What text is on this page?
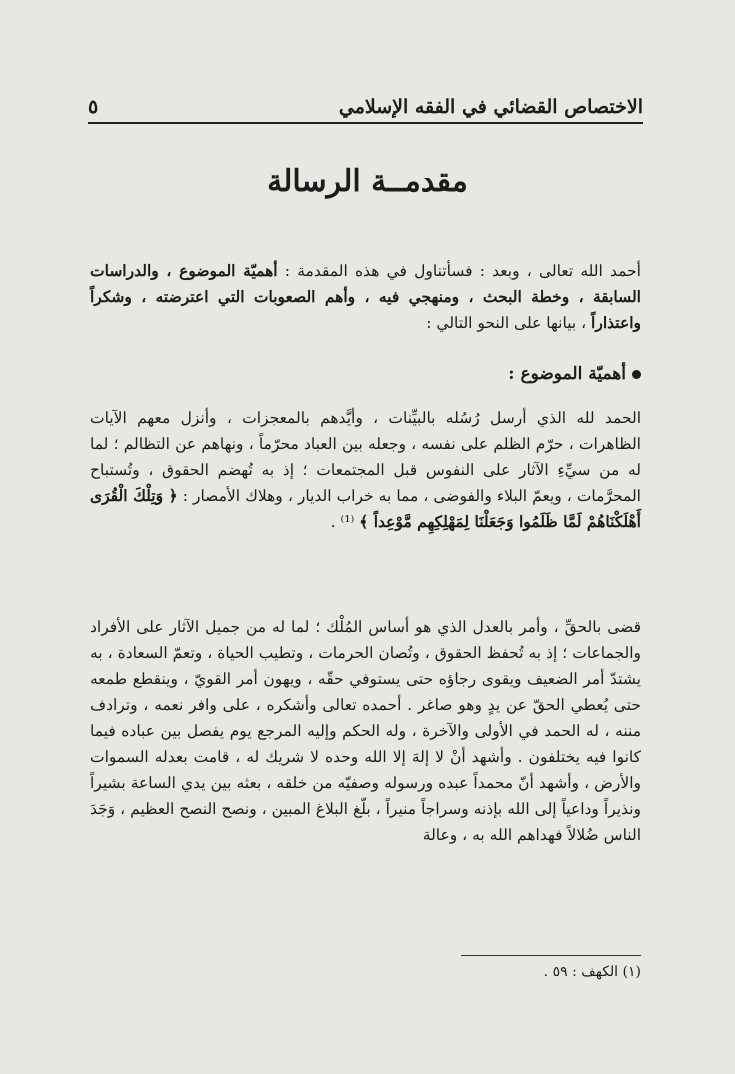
الاختصاص القضائي في الفقه الإسلامي
٥
مقدمــة الرسالة
أحمد الله تعالى ، وبعد : فسأتناول في هذه المقدمة : أهميّة الموضوع ، والدراسات السابقة ، وخطة البحث ، ومنهجي فيه ، وأهم الصعوبات التي اعترضته ، وشكراً واعتذاراً ، بيانها على النحو التالي :
أهميّة الموضوع :
الحمد لله الذي أرسل رُسُله بالبيِّنات ، وأيَّدهم بالمعجزات ، وأنزل معهم الآيات الظاهرات ، حرّم الظلم على نفسه ، وجعله بين العباد محرّماً ، ونهاهم عن التظالم ؛ لما له من سيِّءِ الآثار على النفوس قبل المجتمعات ؛ إذ به تُهضم الحقوق ، وتُستباح المحرَّمات ، ويعمّ البلاء والفوضى ، مما به خراب الديار ، وهلاك الأمصار : ﴿ وَتِلْكَ الْقُرَى أَهْلَكْنَاهُمْ لَمَّا ظَلَمُوا وَجَعَلْنَا لِمَهْلِكِهِم مَّوْعِداً ﴾ ⁽¹⁾ .
قضى بالحقِّ ، وأمر بالعدل الذي هو أساس المُلْك ؛ لما له من جميل الآثار على الأفراد والجماعات ؛ إذ به تُحفظ الحقوق ، وتُصان الحرمات ، وتطيب الحياة ، وتعمّ السعادة ، به يشتدّ أمر الضعيف ويقوى رجاؤه حتى يستوفي حقّه ، ويهون أمر القويّ ، وينقطع طمعه حتى يُعطي الحقّ عن يدٍ وهو صاغر . أحمده تعالى وأشكره ، على وافر نعمه ، وترادف مننه ، له الحمد في الأولى والآخرة ، وله الحكم وإليه المرجع يوم يفصل بين عباده فيما كانوا فيه يختلفون . وأشهد أنْ لا إلهَ إلا الله وحده لا شريك له ، قامت بعدله السموات والأرض ، وأشهد أنّ محمداً عبده ورسوله وصفيّه من خلقه ، بعثه بين يدي الساعة بشيراً ونذيراً وداعياً إلى الله بإذنه وسراجاً منيراً ، بلّغ البلاغ المبين ، ونصح النصح العظيم ، وَجَدَ الناس ضُلالاً فهداهم الله به ، وعالة
(١) الكهف : ٥٩ .
